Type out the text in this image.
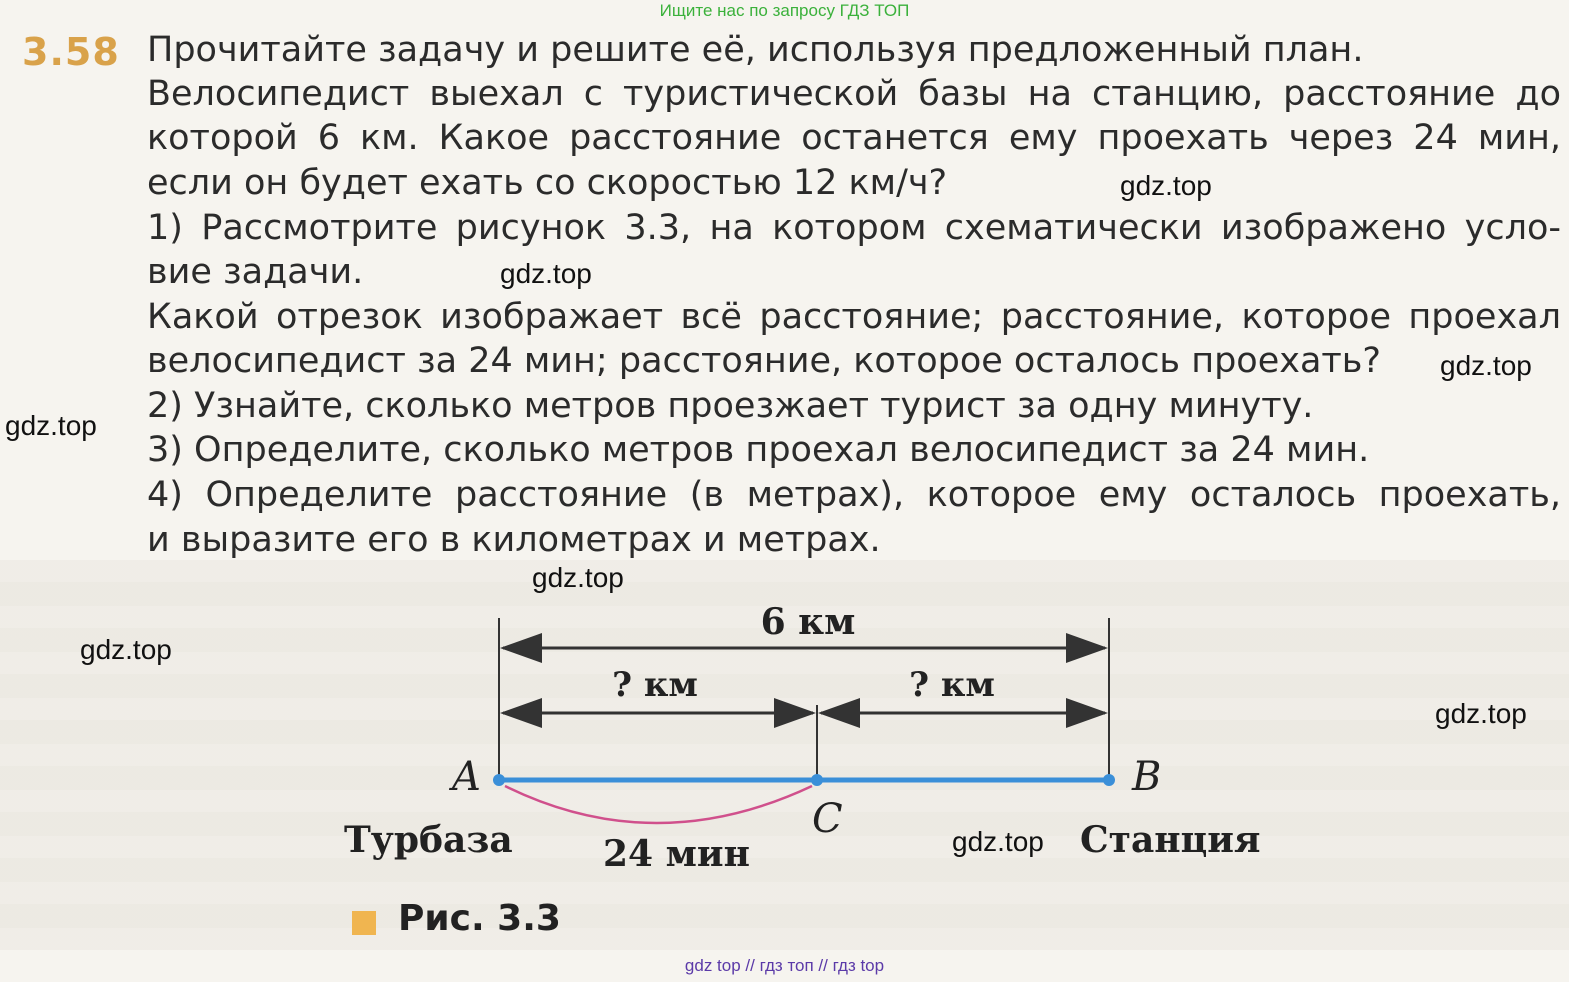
Ищите нас по запросу ГДЗ ТОП
3.58 Прочитайте задачу и решите её, используя предложенный план.
Велосипедист выехал с туристической базы на станцию, расстояние до
которой 6 км. Какое расстояние останется ему проехать через 24 мин,
если он будет ехать со скоростью 12 км/ч?
1) Рассмотрите рисунок 3.3, на котором схематически изображено усло-
вие задачи.
Какой отрезок изображает всё расстояние; расстояние, которое проехал
велосипедист за 24 мин; расстояние, которое осталось проехать?
2) Узнайте, сколько метров проезжает турист за одну минуту.
3) Определите, сколько метров проехал велосипедист за 24 мин.
4) Определите расстояние (в метрах), которое ему осталось проехать,
и выразите его в километрах и метрах.
gdz.top
gdz.top
gdz.top
gdz.top
gdz.top
gdz.top
gdz.top
gdz.top
6 км
? км	? км
A	B
C
Турбаза	24 мин	Станция
Рис. 3.3
gdz top // гдз топ // гдз top
